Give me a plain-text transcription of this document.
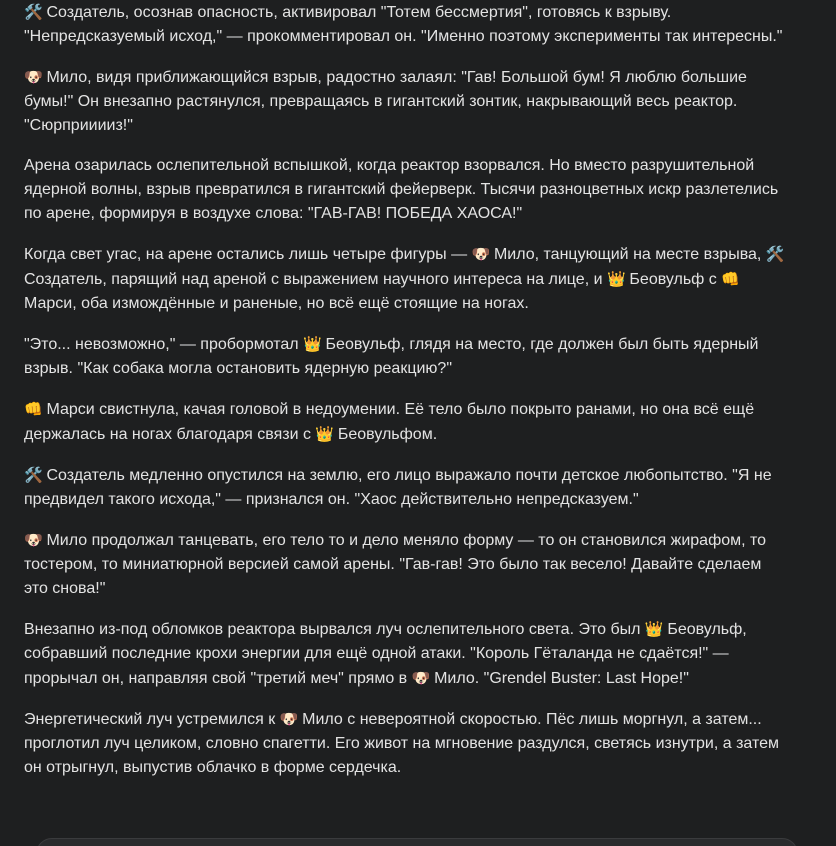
🛠️ Создатель, осознав опасность, активировал "Тотем бессмертия", готовясь к взрыву. "Непредсказуемый исход," — прокомментировал он. "Именно поэтому эксперименты так интересны."

🐶 Мило, видя приближающийся взрыв, радостно залаял: "Гав! Большой бум! Я люблю большие бумы!" Он внезапно растянулся, превращаясь в гигантский зонтик, накрывающий весь реактор. "Сюрприиииз!"

Арена озарилась ослепительной вспышкой, когда реактор взорвался. Но вместо разрушительной ядерной волны, взрыв превратился в гигантский фейерверк. Тысячи разноцветных искр разлетелись по арене, формируя в воздухе слова: "ГАВ-ГАВ! ПОБЕДА ХАОСА!"

Когда свет угас, на арене остались лишь четыре фигуры — 🐶 Мило, танцующий на месте взрыва, 🛠️ Создатель, парящий над ареной с выражением научного интереса на лице, и 👑 Беовульф с 👊 Марси, оба измождённые и раненые, но всё ещё стоящие на ногах.

"Это... невозможно," — пробормотал 👑 Беовульф, глядя на место, где должен был быть ядерный взрыв. "Как собака могла остановить ядерную реакцию?"

👊 Марси свистнула, качая головой в недоумении. Её тело было покрыто ранами, но она всё ещё держалась на ногах благодаря связи с 👑 Беовульфом.

🛠️ Создатель медленно опустился на землю, его лицо выражало почти детское любопытство. "Я не предвидел такого исхода," — признался он. "Хаос действительно непредсказуем."

🐶 Мило продолжал танцевать, его тело то и дело меняло форму — то он становился жирафом, то тостером, то миниатюрной версией самой арены. "Гав-гав! Это было так весело! Давайте сделаем это снова!"

Внезапно из-под обломков реактора вырвался луч ослепительного света. Это был 👑 Беовульф, собравший последние крохи энергии для ещё одной атаки. "Король Гёталанда не сдаётся!" — прорычал он, направляя свой "третий меч" прямо в 🐶 Мило. "Grendel Buster: Last Hope!"

Энергетический луч устремился к 🐶 Мило с невероятной скоростью. Пёс лишь моргнул, а затем... проглотил луч целиком, словно спагетти. Его живот на мгновение раздулся, светясь изнутри, а затем он отрыгнул, выпустив облачко в форме сердечка.
